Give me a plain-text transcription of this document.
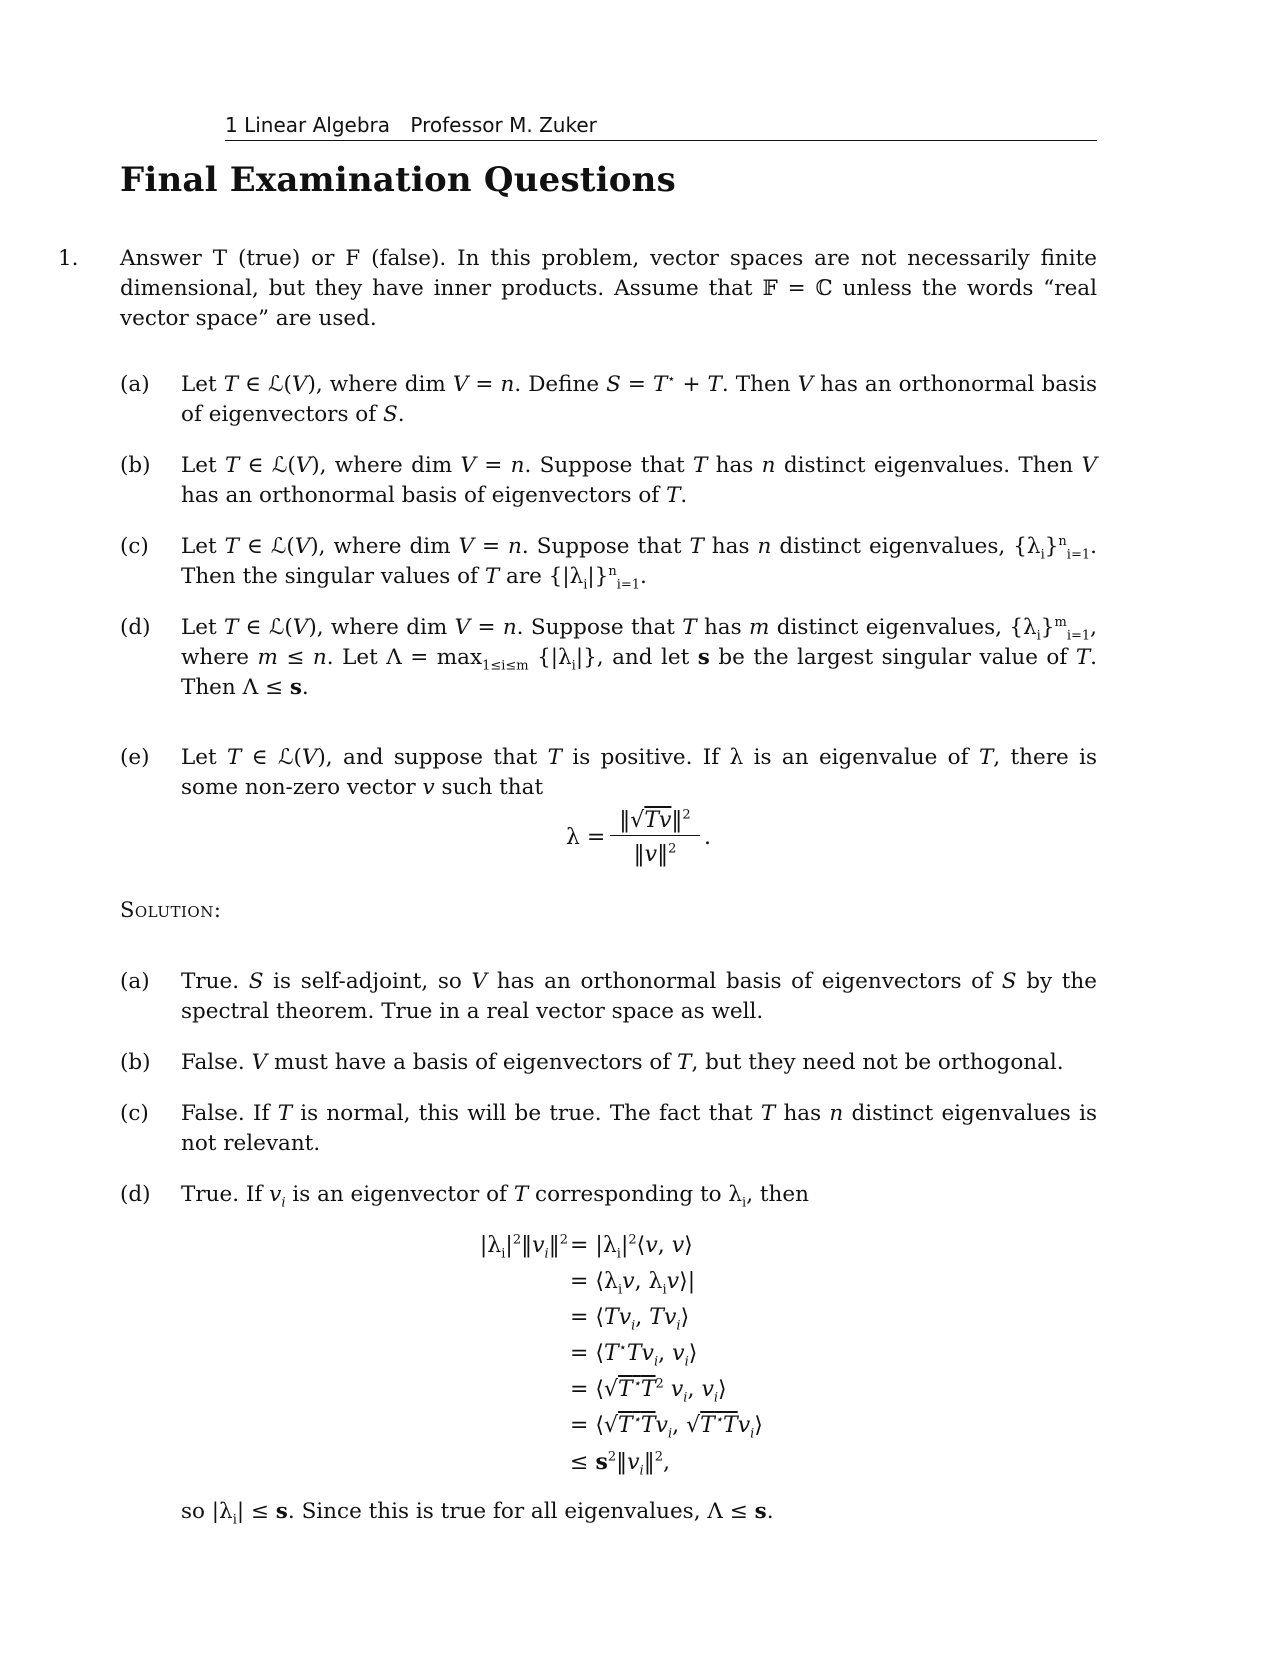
1 Linear Algebra Professor M. Zuker
Final Examination Questions
1. Answer T (true) or F (false). In this problem, vector spaces are not necessarily finite dimensional, but they have inner products. Assume that 𝔽 = ℂ unless the words “real vector space” are used.
(a)	Let T ∈ ℒ(V), where dim V = n. Define S = T⋆ + T. Then V has an orthonormal basis of eigenvectors of S.
(b)	Let T ∈ ℒ(V), where dim V = n. Suppose that T has n distinct eigenvalues. Then V has an orthonormal basis of eigenvectors of T.
(c)	Let T ∈ ℒ(V), where dim V = n. Suppose that T has n distinct eigenvalues, $\{\lambda_i\}^n_{i=1}$. Then the singular values of T are $\{|\lambda_i|\}^n_{i=1}$.
(d)	Let T ∈ ℒ(V), where dim V = n. Suppose that T has m distinct eigenvalues, $\{\lambda_i\}^m_{i=1}$, where m ≤ n. Let $\Lambda = \max_{1\le i\le m} \{|\lambda_i|\}$, and let s be the largest singular value of T. Then Λ ≤ s.
(e)	Let T ∈ ℒ(V), and suppose that T is positive. If λ is an eigenvalue of T, there is some non-zero vector v such that
$\lambda = \frac{‖√Tv‖^2}{‖v‖^2}$ .
Solution:
(a)	True. S is self-adjoint, so V has an orthonormal basis of eigenvectors of S by the spectral theorem. True in a real vector space as well.
(b)	False. V must have a basis of eigenvectors of T, but they need not be orthogonal.
(c)	False. If T is normal, this will be true. The fact that T has n distinct eigenvalues is not relevant.
(d)	True. If $v_i$ is an eigenvector of T corresponding to $\lambda_i$, then
$|\lambda_i|^2‖v_i‖^2$ = $|\lambda_i|^2⟨v$, v⟩
= $⟨\lambda_iv$, $\lambda_iv⟩|$
= $⟨Tv_i$, $Tv_i⟩$
= $⟨T^⋆Tv_i$, $v_i⟩$
= $⟨√T^⋆T^2$ $v_i$, $v_i⟩$
= $⟨√T^⋆Tv_i$, $√T^⋆Tv_i⟩$
≤ $s^2‖v_i‖^2$,
so $|\lambda_i| \le s$. Since this is true for all eigenvalues, Λ ≤ s.
